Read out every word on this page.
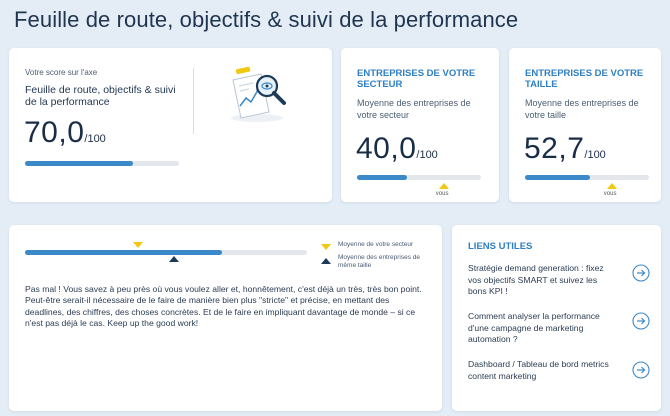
Feuille de route, objectifs & suivi de la performance
Votre score sur l'axe
Feuille de route, objectifs & suivi de la performance
70,0/100
ENTREPRISES DE VOTRE SECTEUR
Moyenne des entreprises de votre secteur
40,0/100
vous
ENTREPRISES DE VOTRE TAILLE
Moyenne des entreprises de votre taille
52,7/100
vous
Moyenne de votre secteur
Moyenne des entreprises de même taille
Pas mal ! Vous savez à peu près où vous voulez aller et, honnêtement, c'est déjà un très, très bon point. Peut-être serait-il nécessaire de le faire de manière bien plus "stricte" et précise, en mettant des deadlines, des chiffres, des choses concrètes. Et de le faire en impliquant davantage de monde – si ce n'est pas déjà le cas. Keep up the good work!
LIENS UTILES
Stratégie demand generation : fixez vos objectifs SMART et suivez les bons KPI !
Comment analyser la performance d'une campagne de marketing automation ?
Dashboard / Tableau de bord metrics content marketing
